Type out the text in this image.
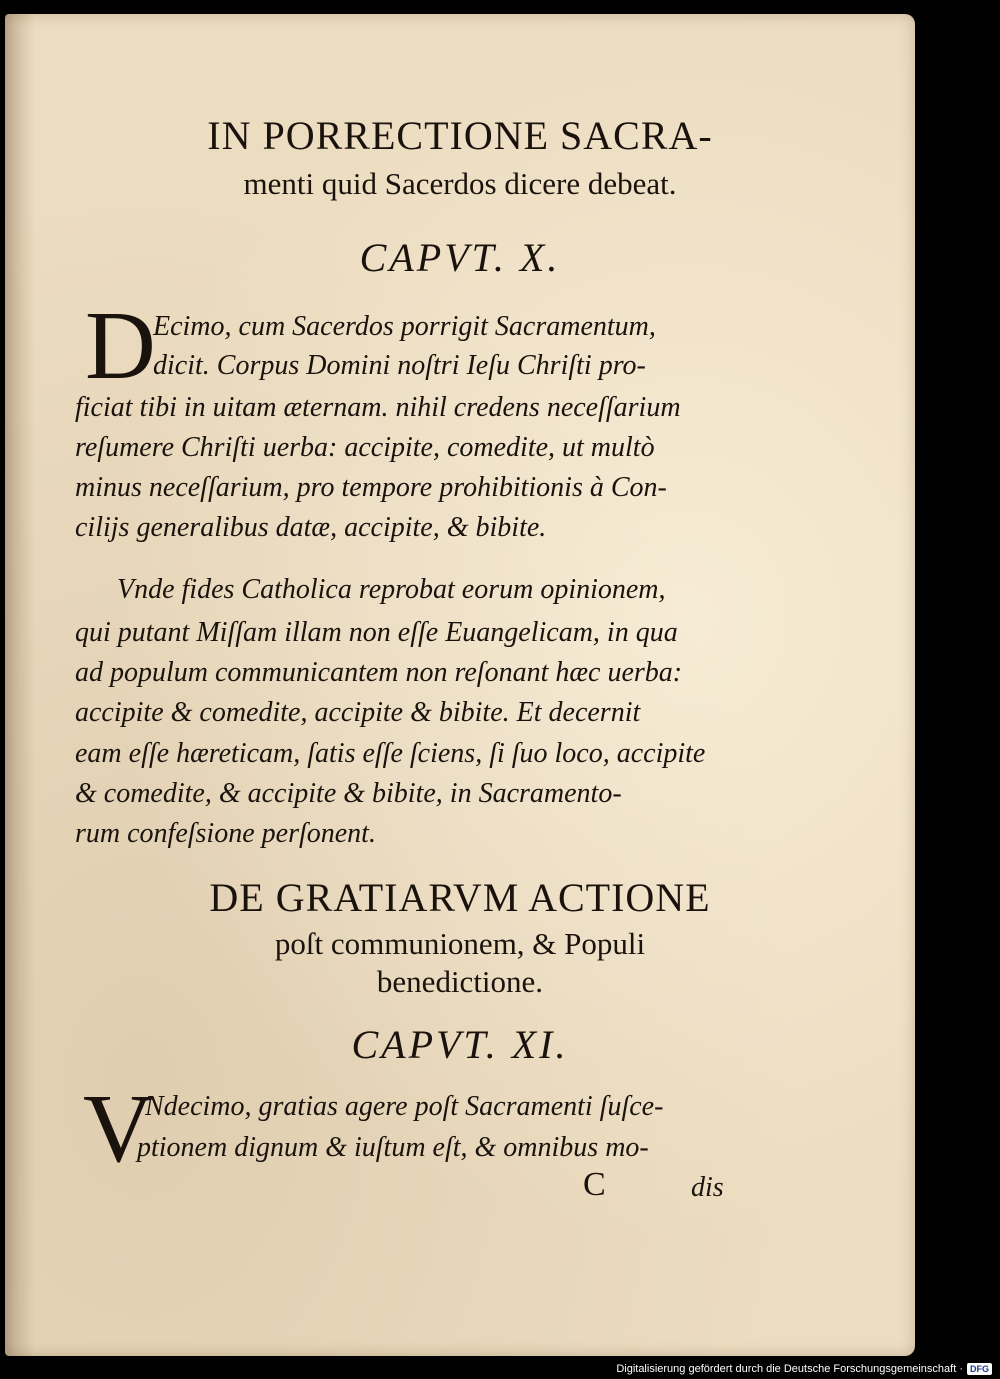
IN PORRECTIONE SACRA-
menti quid Sacerdos dicere debeat.
CAPVT. X.
D
Ecimo, cum Sacerdos porrigit Sacramentum,
dicit. Corpus Domini noſtri Ieſu Chriſti pro-
ficiat tibi in uitam æternam. nihil credens neceſſarium
reſumere Chriſti uerba: accipite, comedite, ut multò
minus neceſſarium, pro tempore prohibitionis à Con-
cilijs generalibus datæ, accipite, & bibite.
Vnde fides Catholica reprobat eorum opinionem,
qui putant Miſſam illam non eſſe Euangelicam, in qua
ad populum communicantem non reſonant hæc uerba:
accipite & comedite, accipite & bibite. Et decernit
eam eſſe hæreticam, ſatis eſſe ſciens, ſi ſuo loco, accipite
& comedite, & accipite & bibite, in Sacramento-
rum confeſsione perſonent.
DE GRATIARVM ACTIONE
poſt communionem, & Populi
benedictione.
CAPVT. XI.
V
Ndecimo, gratias agere poſt Sacramenti ſuſce-
ptionem dignum & iuſtum eſt, & omnibus mo-
C	dis
Digitalisierung gefördert durch die Deutsche Forschungsgemeinschaft · DFG
